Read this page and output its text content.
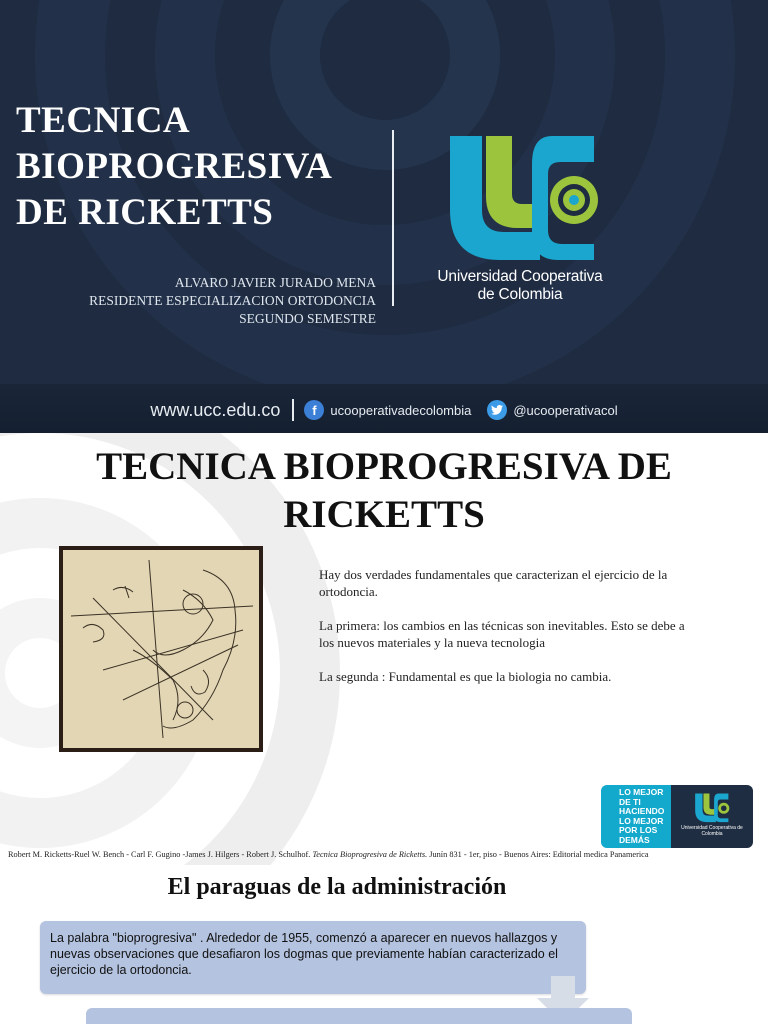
TECNICA
BIOPROGRESIVA
DE RICKETTS
ALVARO JAVIER JURADO MENA
RESIDENTE ESPECIALIZACION ORTODONCIA
SEGUNDO SEMESTRE
Universidad Cooperativa
de Colombia
www.ucc.edu.co	f	ucooperativadecolombia	@ucooperativacol
TECNICA BIOPROGRESIVA DE
RICKETTS

Hay dos verdades fundamentales que caracterizan el ejercicio de la ortodoncia.

La primera: los cambios en las técnicas son inevitables. Esto se debe a los nuevos materiales y la nueva tecnologia

La segunda : Fundamental es que la biologia no cambia.

LO MEJOR
DE TI
HACIENDO
LO MEJOR
POR LOS
DEMÁS
Universidad Cooperativa de Colombia
Robert M. Ricketts-Ruel W. Bench - Carl F. Gugino -James J. Hilgers - Robert J. Schulhof. Tecnica Bioprogresiva de Ricketts. Junín 831 - 1er, piso - Buenos Aires: Editorial medica Panamerica
El paraguas de la administración
La palabra "bioprogresiva" . Alrededor de 1955, comenzó a aparecer en nuevos hallazgos y nuevas observaciones que desafiaron los dogmas que previamente habían caracterizado el ejercicio de la ortodoncia.
